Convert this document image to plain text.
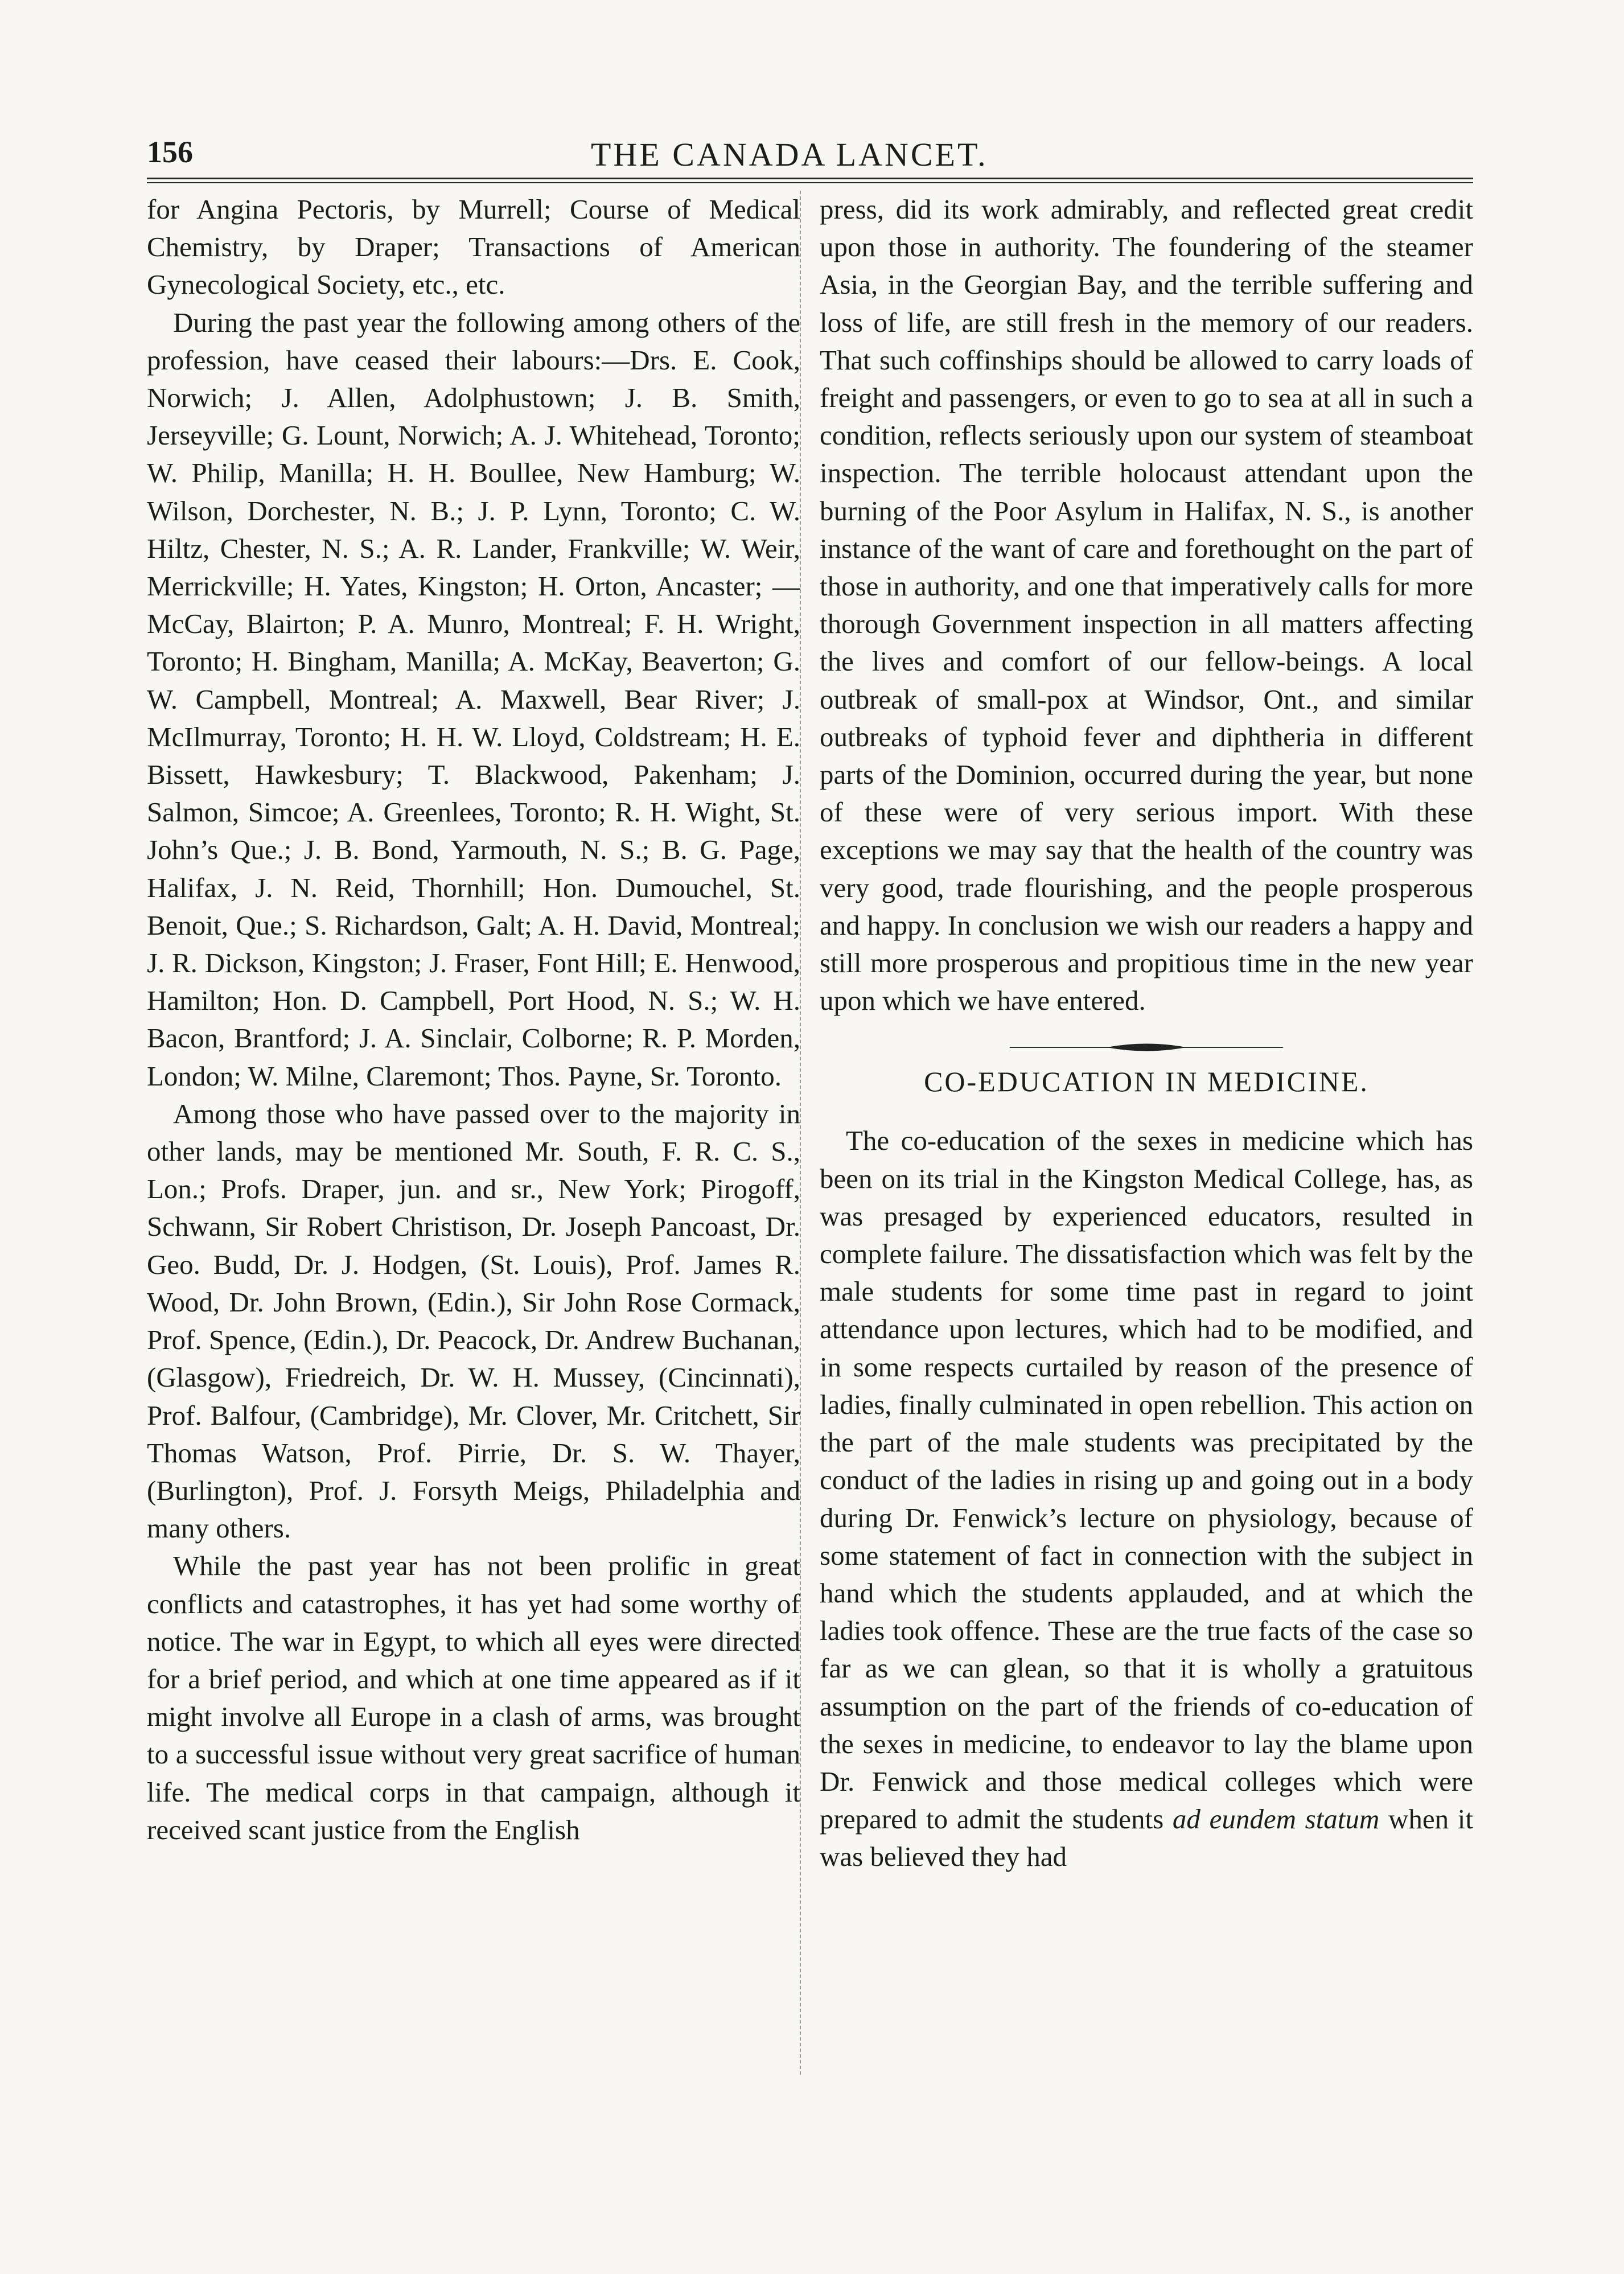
156	THE CANADA LANCET.

for Angina Pectoris, by Murrell; Course of Medical Chemistry, by Draper; Transactions of American Gynecological Society, etc., etc.

During the past year the following among others of the profession, have ceased their labours:—Drs. E. Cook, Norwich; J. Allen, Adolphustown; J. B. Smith, Jerseyville; G. Lount, Norwich; A. J. Whitehead, Toronto; W. Philip, Manilla; H. H. Boullee, New Hamburg; W. Wilson, Dorchester, N. B.; J. P. Lynn, Toronto; C. W. Hiltz, Chester, N. S.; A. R. Lander, Frankville; W. Weir, Merrickville; H. Yates, Kingston; H. Orton, Ancaster; — McCay, Blairton; P. A. Munro, Montreal; F. H. Wright, Toronto; H. Bingham, Manilla; A. McKay, Beaverton; G. W. Campbell, Montreal; A. Maxwell, Bear River; J. McIlmurray, Toronto; H. H. W. Lloyd, Coldstream; H. E. Bissett, Hawkesbury; T. Blackwood, Pakenham; J. Salmon, Simcoe; A. Greenlees, Toronto; R. H. Wight, St. John’s Que.; J. B. Bond, Yarmouth, N. S.; B. G. Page, Halifax, J. N. Reid, Thornhill; Hon. Dumouchel, St. Benoit, Que.; S. Richardson, Galt; A. H. David, Montreal; J. R. Dickson, Kingston; J. Fraser, Font Hill; E. Henwood, Hamilton; Hon. D. Campbell, Port Hood, N. S.; W. H. Bacon, Brantford; J. A. Sinclair, Colborne; R. P. Morden, London; W. Milne, Claremont; Thos. Payne, Sr. Toronto.

Among those who have passed over to the majority in other lands, may be mentioned Mr. South, F. R. C. S., Lon.; Profs. Draper, jun. and sr., New York; Pirogoff, Schwann, Sir Robert Christison, Dr. Joseph Pancoast, Dr. Geo. Budd, Dr. J. Hodgen, (St. Louis), Prof. James R. Wood, Dr. John Brown, (Edin.), Sir John Rose Cormack, Prof. Spence, (Edin.), Dr. Peacock, Dr. Andrew Buchanan, (Glasgow), Friedreich, Dr. W. H. Mussey, (Cincinnati), Prof. Balfour, (Cambridge), Mr. Clover, Mr. Critchett, Sir Thomas Watson, Prof. Pirrie, Dr. S. W. Thayer, (Burlington), Prof. J. Forsyth Meigs, Philadelphia and many others.

While the past year has not been prolific in great conflicts and catastrophes, it has yet had some worthy of notice. The war in Egypt, to which all eyes were directed for a brief period, and which at one time appeared as if it might involve all Europe in a clash of arms, was brought to a successful issue without very great sacrifice of human life. The medical corps in that campaign, although it received scant justice from the English

press, did its work admirably, and reflected great credit upon those in authority. The foundering of the steamer Asia, in the Georgian Bay, and the terrible suffering and loss of life, are still fresh in the memory of our readers. That such coffinships should be allowed to carry loads of freight and passengers, or even to go to sea at all in such a condition, reflects seriously upon our system of steamboat inspection. The terrible holocaust attendant upon the burning of the Poor Asylum in Halifax, N. S., is another instance of the want of care and forethought on the part of those in authority, and one that imperatively calls for more thorough Government inspection in all matters affecting the lives and comfort of our fellow-beings. A local outbreak of small-pox at Windsor, Ont., and similar outbreaks of typhoid fever and diphtheria in different parts of the Dominion, occurred during the year, but none of these were of very serious import. With these exceptions we may say that the health of the country was very good, trade flourishing, and the people prosperous and happy. In conclusion we wish our readers a happy and still more prosperous and propitious time in the new year upon which we have entered.

CO-EDUCATION IN MEDICINE.

The co-education of the sexes in medicine which has been on its trial in the Kingston Medical College, has, as was presaged by experienced educators, resulted in complete failure. The dissatisfaction which was felt by the male students for some time past in regard to joint attendance upon lectures, which had to be modified, and in some respects curtailed by reason of the presence of ladies, finally culminated in open rebellion. This action on the part of the male students was precipitated by the conduct of the ladies in rising up and going out in a body during Dr. Fenwick’s lecture on physiology, because of some statement of fact in connection with the subject in hand which the students applauded, and at which the ladies took offence. These are the true facts of the case so far as we can glean, so that it is wholly a gratuitous assumption on the part of the friends of co-education of the sexes in medicine, to endeavor to lay the blame upon Dr. Fenwick and those medical colleges which were prepared to admit the students ad eundem statum when it was believed they had
